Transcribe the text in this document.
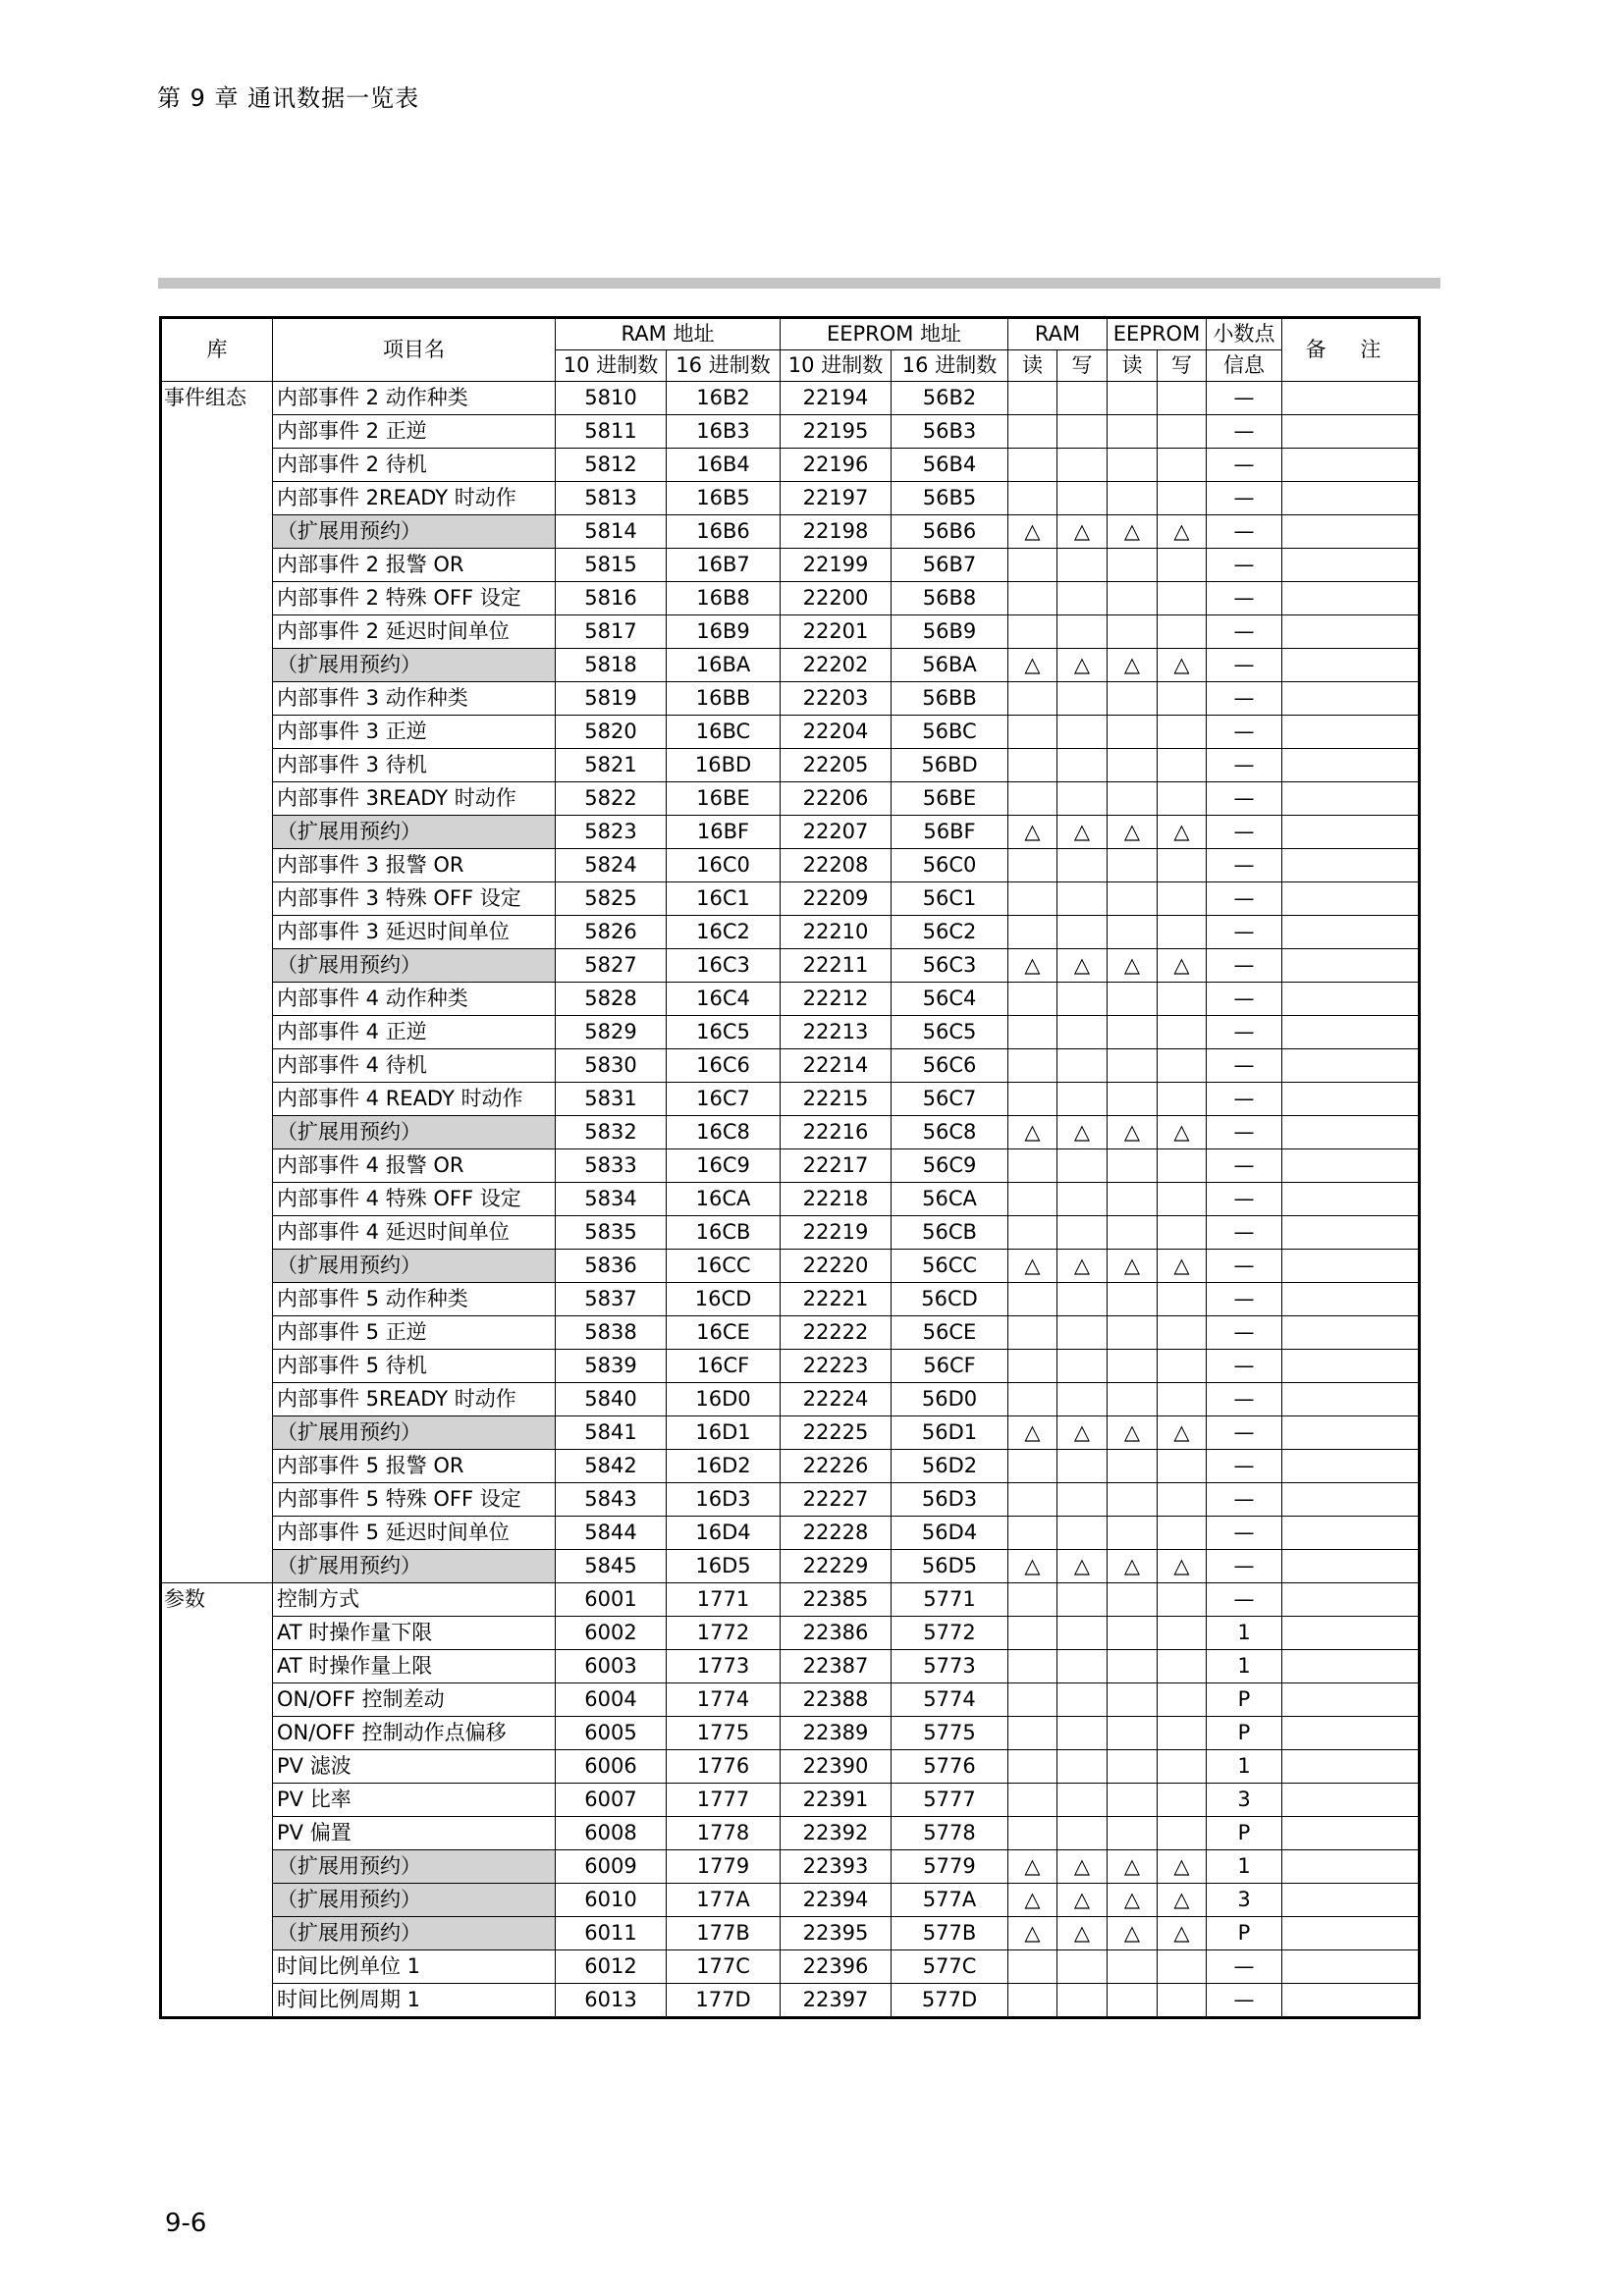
第 9 章 通讯数据一览表
库	项目名	RAM 地址		EEPROM 地址		RAM		EEPROM		小数点	备 注
		10 进制数	16 进制数	10 进制数	16 进制数	读	写	读	写	信息	
事件组态	内部事件 2 动作种类	5810	16B2	22194	56B2					—	
	内部事件 2 正逆	5811	16B3	22195	56B3					—	
	内部事件 2 待机	5812	16B4	22196	56B4					—	
	内部事件 2READY 时动作	5813	16B5	22197	56B5					—	
	（扩展用预约）	5814	16B6	22198	56B6	△	△	△	△	—	
	内部事件 2 报警 OR	5815	16B7	22199	56B7					—	
	内部事件 2 特殊 OFF 设定	5816	16B8	22200	56B8					—	
	内部事件 2 延迟时间单位	5817	16B9	22201	56B9					—	
	（扩展用预约）	5818	16BA	22202	56BA	△	△	△	△	—	
	内部事件 3 动作种类	5819	16BB	22203	56BB					—	
	内部事件 3 正逆	5820	16BC	22204	56BC					—	
	内部事件 3 待机	5821	16BD	22205	56BD					—	
	内部事件 3READY 时动作	5822	16BE	22206	56BE					—	
	（扩展用预约）	5823	16BF	22207	56BF	△	△	△	△	—	
	内部事件 3 报警 OR	5824	16C0	22208	56C0					—	
	内部事件 3 特殊 OFF 设定	5825	16C1	22209	56C1					—	
	内部事件 3 延迟时间单位	5826	16C2	22210	56C2					—	
	（扩展用预约）	5827	16C3	22211	56C3	△	△	△	△	—	
	内部事件 4 动作种类	5828	16C4	22212	56C4					—	
	内部事件 4 正逆	5829	16C5	22213	56C5					—	
	内部事件 4 待机	5830	16C6	22214	56C6					—	
	内部事件 4 READY 时动作	5831	16C7	22215	56C7					—	
	（扩展用预约）	5832	16C8	22216	56C8	△	△	△	△	—	
	内部事件 4 报警 OR	5833	16C9	22217	56C9					—	
	内部事件 4 特殊 OFF 设定	5834	16CA	22218	56CA					—	
	内部事件 4 延迟时间单位	5835	16CB	22219	56CB					—	
	（扩展用预约）	5836	16CC	22220	56CC	△	△	△	△	—	
	内部事件 5 动作种类	5837	16CD	22221	56CD					—	
	内部事件 5 正逆	5838	16CE	22222	56CE					—	
	内部事件 5 待机	5839	16CF	22223	56CF					—	
	内部事件 5READY 时动作	5840	16D0	22224	56D0					—	
	（扩展用预约）	5841	16D1	22225	56D1	△	△	△	△	—	
	内部事件 5 报警 OR	5842	16D2	22226	56D2					—	
	内部事件 5 特殊 OFF 设定	5843	16D3	22227	56D3					—	
	内部事件 5 延迟时间单位	5844	16D4	22228	56D4					—	
	（扩展用预约）	5845	16D5	22229	56D5	△	△	△	△	—	
参数	控制方式	6001	1771	22385	5771					—	
	AT 时操作量下限	6002	1772	22386	5772					1	
	AT 时操作量上限	6003	1773	22387	5773					1	
	ON/OFF 控制差动	6004	1774	22388	5774					P	
	ON/OFF 控制动作点偏移	6005	1775	22389	5775					P	
	PV 滤波	6006	1776	22390	5776					1	
	PV 比率	6007	1777	22391	5777					3	
	PV 偏置	6008	1778	22392	5778					P	
	（扩展用预约）	6009	1779	22393	5779	△	△	△	△	1	
	（扩展用预约）	6010	177A	22394	577A	△	△	△	△	3	
	（扩展用预约）	6011	177B	22395	577B	△	△	△	△	P	
	时间比例单位 1	6012	177C	22396	577C					—	
	时间比例周期 1	6013	177D	22397	577D					—	
9-6
